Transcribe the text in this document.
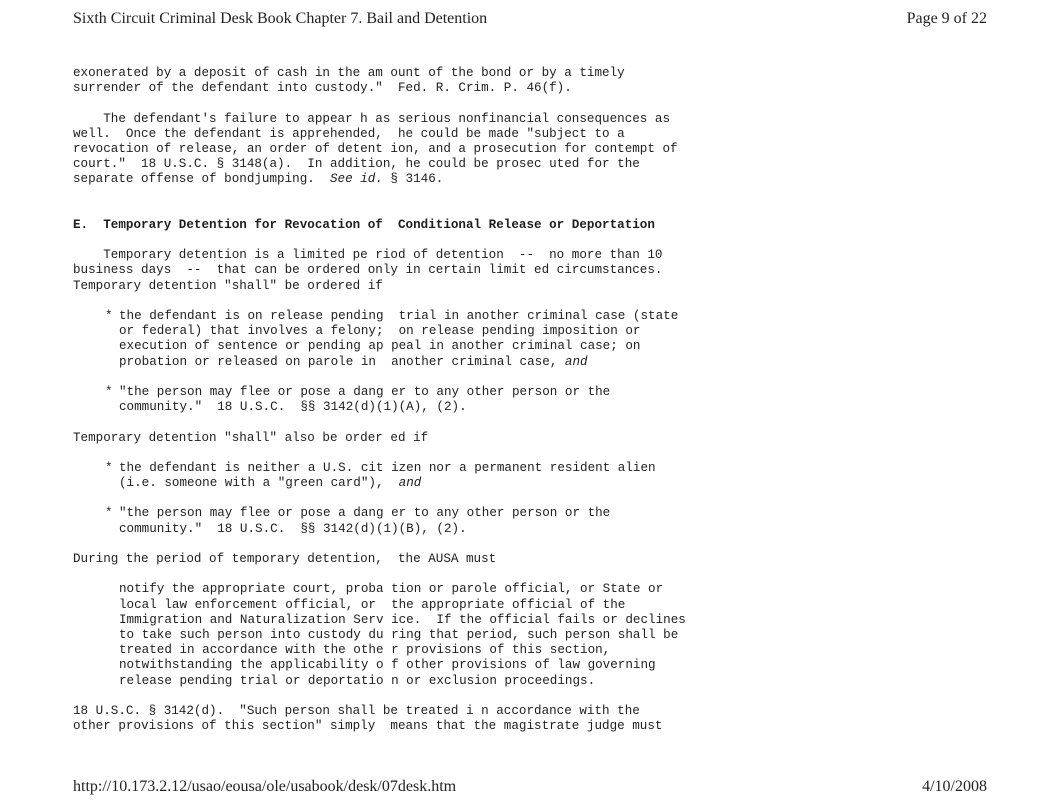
Sixth Circuit Criminal Desk Book Chapter 7. Bail and Detention	Page 9 of 22
exonerated by a deposit of cash in the am ount of the bond or by a timely
surrender of the defendant into custody."  Fed. R. Crim. P. 46(f).
The defendant's failure to appear h as serious nonfinancial consequences as
well.  Once the defendant is apprehended,  he could be made "subject to a
revocation of release, an order of detent ion, and a prosecution for contempt of
court."  18 U.S.C. § 3148(a).  In addition, he could be prosec uted for the
separate offense of bondjumping.  See id. § 3146.
E.  Temporary Detention for Revocation of  Conditional Release or Deportation
Temporary detention is a limited pe riod of detention  --  no more than 10
business days  --  that can be ordered only in certain limit ed circumstances.
Temporary detention "shall" be ordered if
* the defendant is on release pending  trial in another criminal case (state
or federal) that involves a felony;  on release pending imposition or
execution of sentence or pending ap peal in another criminal case; on
probation or released on parole in  another criminal case, and
* "the person may flee or pose a dang er to any other person or the
community."  18 U.S.C.  §§ 3142(d)(1)(A), (2).
Temporary detention "shall" also be order ed if
* the defendant is neither a U.S. cit izen nor a permanent resident alien
(i.e. someone with a "green card"),  and
* "the person may flee or pose a dang er to any other person or the
community."  18 U.S.C.  §§ 3142(d)(1)(B), (2).
During the period of temporary detention,  the AUSA must
notify the appropriate court, proba tion or parole official, or State or
local law enforcement official, or  the appropriate official of the
Immigration and Naturalization Serv ice.  If the official fails or declines
to take such person into custody du ring that period, such person shall be
treated in accordance with the othe r provisions of this section,
notwithstanding the applicability o f other provisions of law governing
release pending trial or deportatio n or exclusion proceedings.
18 U.S.C. § 3142(d).  "Such person shall be treated i n accordance with the
other provisions of this section" simply  means that the magistrate judge must
http://10.173.2.12/usao/eousa/ole/usabook/desk/07desk.htm	4/10/2008
